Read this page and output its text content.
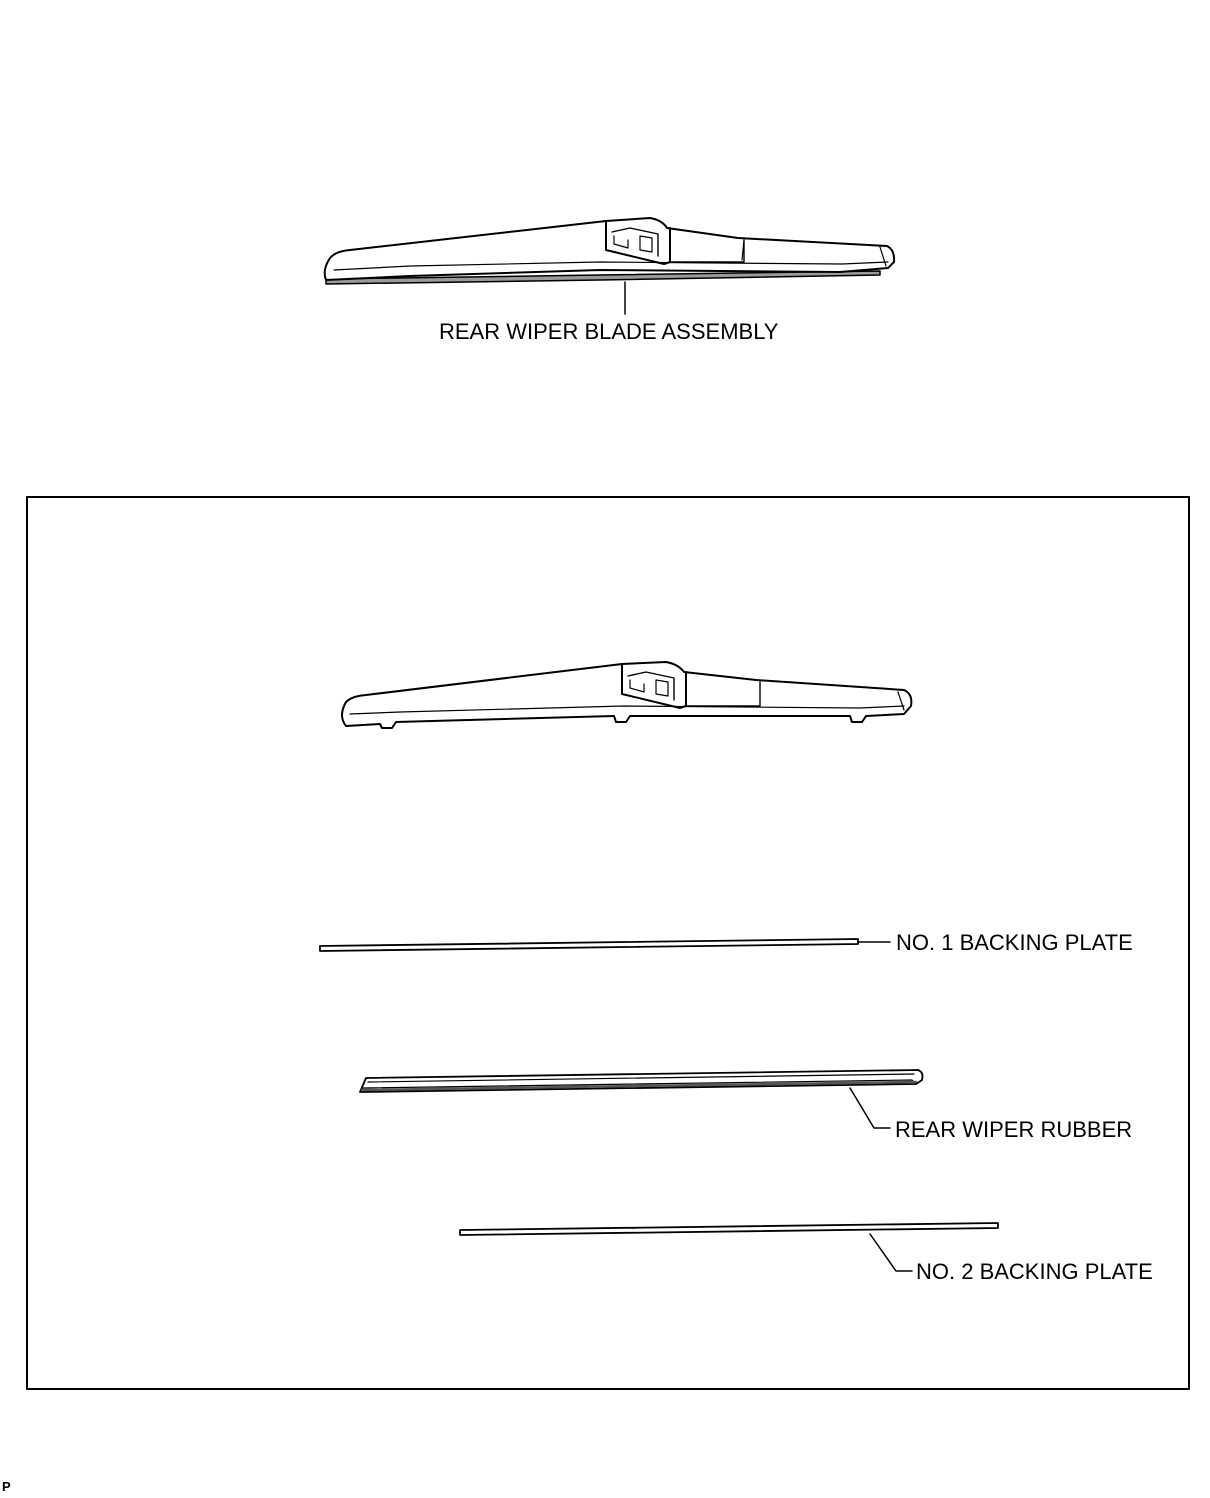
REAR WIPER BLADE ASSEMBLY
NO. 1 BACKING PLATE
REAR WIPER RUBBER
NO. 2 BACKING PLATE
P
